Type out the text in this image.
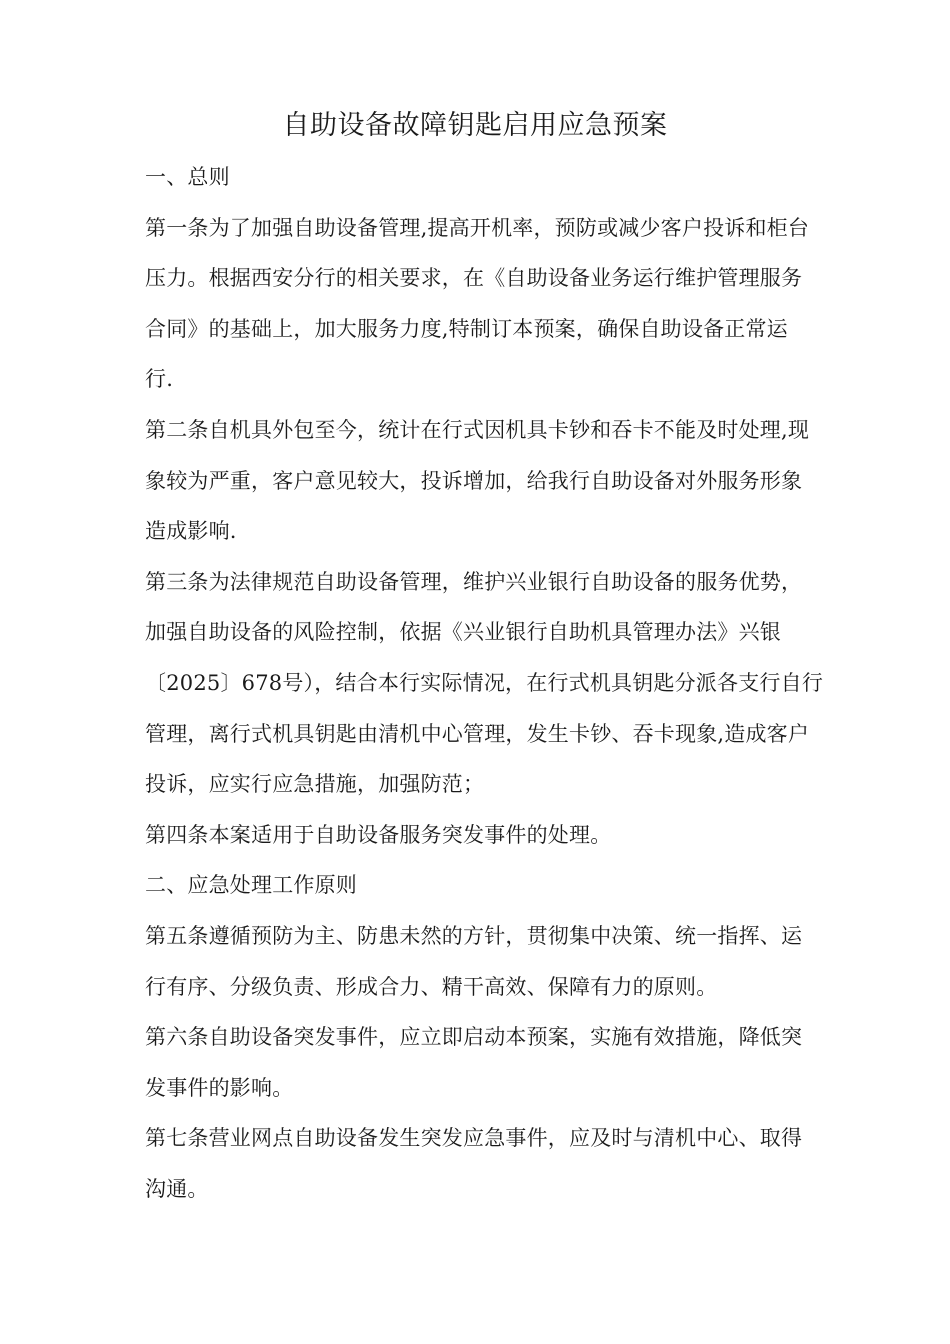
自助设备故障钥匙启用应急预案
一、总则
第一条为了加强自助设备管理,提高开机率，预防或减少客户投诉和柜台
压力。根据西安分行的相关要求，在《自助设备业务运行维护管理服务
合同》的基础上，加大服务力度,特制订本预案，确保自助设备正常运
行.
第二条自机具外包至今，统计在行式因机具卡钞和吞卡不能及时处理,现
象较为严重，客户意见较大，投诉增加，给我行自助设备对外服务形象
造成影响.
第三条为法律规范自助设备管理，维护兴业银行自助设备的服务优势，
加强自助设备的风险控制，依据《兴业银行自助机具管理办法》兴银
〔2025〕678号），结合本行实际情况，在行式机具钥匙分派各支行自行
管理，离行式机具钥匙由清机中心管理，发生卡钞、吞卡现象,造成客户
投诉，应实行应急措施，加强防范；
第四条本案适用于自助设备服务突发事件的处理。
二、应急处理工作原则
第五条遵循预防为主、防患未然的方针，贯彻集中决策、统一指挥、运
行有序、分级负责、形成合力、精干高效、保障有力的原则。
第六条自助设备突发事件，应立即启动本预案，实施有效措施，降低突
发事件的影响。
第七条营业网点自助设备发生突发应急事件，应及时与清机中心、取得
沟通。
